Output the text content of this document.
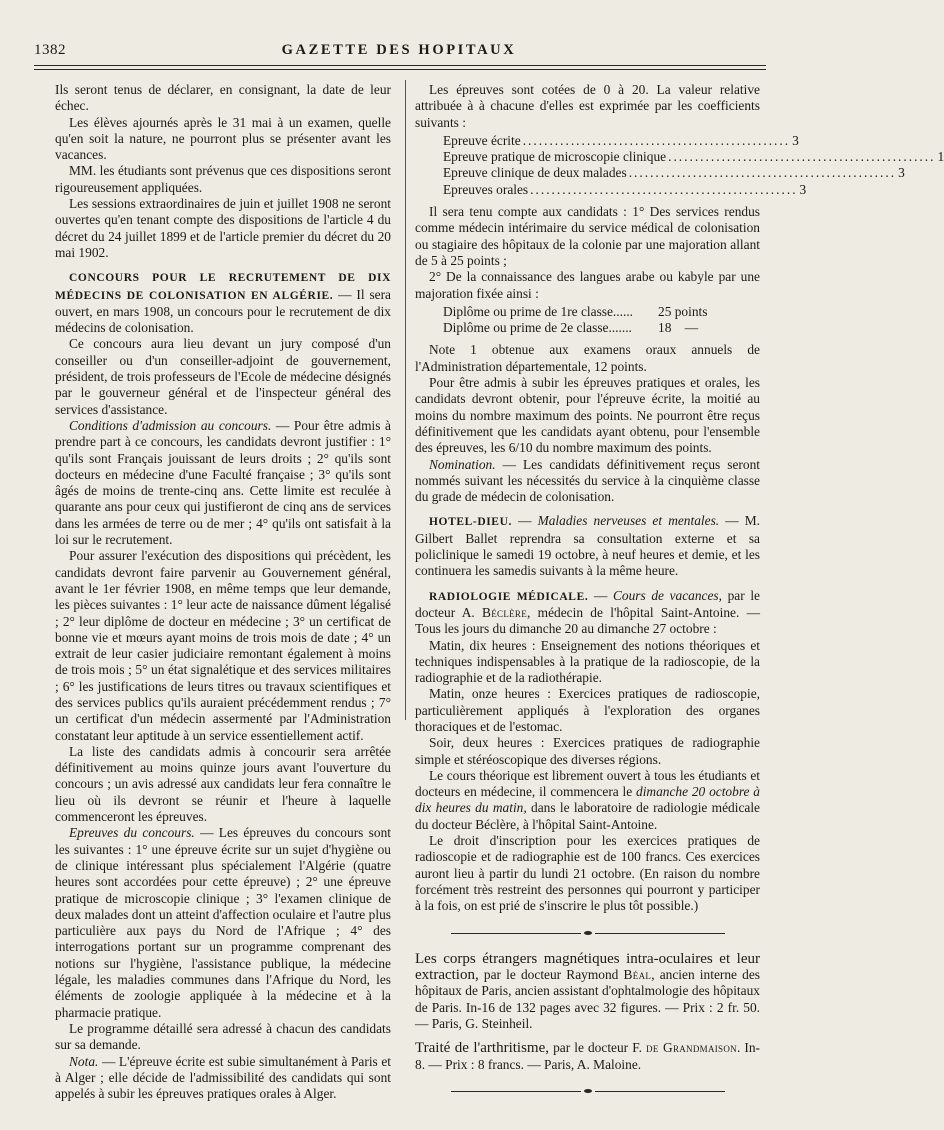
1382	GAZETTE DES HOPITAUX

Ils seront tenus de déclarer, en consignant, la date de leur échec.

Les élèves ajournés après le 31 mai à un examen, quelle qu'en soit la nature, ne pourront plus se présenter avant les vacances.

MM. les étudiants sont prévenus que ces dispositions seront rigoureusement appliquées.

Les sessions extraordinaires de juin et juillet 1908 ne seront ouvertes qu'en tenant compte des dispositions de l'article 4 du décret du 24 juillet 1899 et de l'article premier du décret du 20 mai 1902.

CONCOURS POUR LE RECRUTEMENT DE DIX MÉDECINS DE COLONISATION EN ALGÉRIE. — Il sera ouvert, en mars 1908, un concours pour le recrutement de dix médecins de colonisation.

Ce concours aura lieu devant un jury composé d'un conseiller ou d'un conseiller-adjoint de gouvernement, président, de trois professeurs de l'Ecole de médecine désignés par le gouverneur général et de l'inspecteur général des services d'assistance.

Conditions d'admission au concours. — Pour être admis à prendre part à ce concours, les candidats devront justifier : 1° qu'ils sont Français jouissant de leurs droits ; 2° qu'ils sont docteurs en médecine d'une Faculté française ; 3° qu'ils sont âgés de moins de trente-cinq ans. Cette limite est reculée à quarante ans pour ceux qui justifieront de cinq ans de services dans les armées de terre ou de mer ; 4° qu'ils ont satisfait à la loi sur le recrutement.

Pour assurer l'exécution des dispositions qui précèdent, les candidats devront faire parvenir au Gouvernement général, avant le 1er février 1908, en même temps que leur demande, les pièces suivantes : 1° leur acte de naissance dûment légalisé ; 2° leur diplôme de docteur en médecine ; 3° un certificat de bonne vie et mœurs ayant moins de trois mois de date ; 4° un extrait de leur casier judiciaire remontant également à moins de trois mois ; 5° un état signalétique et des services militaires ; 6° les justifications de leurs titres ou travaux scientifiques et des services publics qu'ils auraient précédemment rendus ; 7° un certificat d'un médecin assermenté par l'Administration constatant leur aptitude à un service essentiellement actif.

La liste des candidats admis à concourir sera arrêtée définitivement au moins quinze jours avant l'ouverture du concours ; un avis adressé aux candidats leur fera connaître le lieu où ils devront se réunir et l'heure à laquelle commenceront les épreuves.

Epreuves du concours. — Les épreuves du concours sont les suivantes : 1° une épreuve écrite sur un sujet d'hygiène ou de clinique intéressant plus spécialement l'Algérie (quatre heures sont accordées pour cette épreuve) ; 2° une épreuve pratique de microscopie clinique ; 3° l'examen clinique de deux malades dont un atteint d'affection oculaire et l'autre plus particulière aux pays du Nord de l'Afrique ; 4° des interrogations portant sur un programme comprenant des notions sur l'hygiène, l'assistance publique, la médecine légale, les maladies communes dans l'Afrique du Nord, les éléments de zoologie appliquée à la médecine et à la pharmacie pratique.

Le programme détaillé sera adressé à chacun des candidats sur sa demande.

Nota. — L'épreuve écrite est subie simultanément à Paris et à Alger ; elle décide de l'admissibilité des candidats qui sont appelés à subir les épreuves pratiques orales à Alger.

Les épreuves sont cotées de 0 à 20. La valeur relative attribuée à à chacune d'elles est exprimée par les coefficients suivants :

Epreuve écrite .................................................. 3
Epreuve pratique de microscopie clinique .................................................. 1
Epreuve clinique de deux malades .................................................. 3
Epreuves orales .................................................. 3

Il sera tenu compte aux candidats : 1° Des services rendus comme médecin intérimaire du service médical de colonisation ou stagiaire des hôpitaux de la colonie par une majoration allant de 5 à 25 points ;

2° De la connaissance des langues arabe ou kabyle par une majoration fixée ainsi :

Diplôme ou prime de 1re classe......	25 points
Diplôme ou prime de 2e classe.......	18    —

Note 1 obtenue aux examens oraux annuels de l'Administration départementale, 12 points.

Pour être admis à subir les épreuves pratiques et orales, les candidats devront obtenir, pour l'épreuve écrite, la moitié au moins du nombre maximum des points. Ne pourront être reçus définitivement que les candidats ayant obtenu, pour l'ensemble des épreuves, les 6/10 du nombre maximum des points.

Nomination. — Les candidats définitivement reçus seront nommés suivant les nécessités du service à la cinquième classe du grade de médecin de colonisation.

HOTEL-DIEU. — Maladies nerveuses et mentales. — M. Gilbert Ballet reprendra sa consultation externe et sa policlinique le samedi 19 octobre, à neuf heures et demie, et les continuera les samedis suivants à la même heure.

RADIOLOGIE MÉDICALE. — Cours de vacances, par le docteur A. Béclère, médecin de l'hôpital Saint-Antoine. — Tous les jours du dimanche 20 au dimanche 27 octobre :

Matin, dix heures : Enseignement des notions théoriques et techniques indispensables à la pratique de la radioscopie, de la radiographie et de la radiothérapie.

Matin, onze heures : Exercices pratiques de radioscopie, particulièrement appliqués à l'exploration des organes thoraciques et de l'estomac.

Soir, deux heures : Exercices pratiques de radiographie simple et stéréoscopique des diverses régions.

Le cours théorique est librement ouvert à tous les étudiants et docteurs en médecine, il commencera le dimanche 20 octobre à dix heures du matin, dans le laboratoire de radiologie médicale du docteur Béclère, à l'hôpital Saint-Antoine.

Le droit d'inscription pour les exercices pratiques de radioscopie et de radiographie est de 100 francs. Ces exercices auront lieu à partir du lundi 21 octobre. (En raison du nombre forcément très restreint des personnes qui pourront y participer à la fois, on est prié de s'inscrire le plus tôt possible.)

Les corps étrangers magnétiques intra-oculaires et leur extraction, par le docteur Raymond Béal, ancien interne des hôpitaux de Paris, ancien assistant d'ophtalmologie des hôpitaux de Paris. In-16 de 132 pages avec 32 figures. — Prix : 2 fr. 50. — Paris, G. Steinheil.

Traité de l'arthritisme, par le docteur F. de Grandmaison. In-8. — Prix : 8 francs. — Paris, A. Maloine.
